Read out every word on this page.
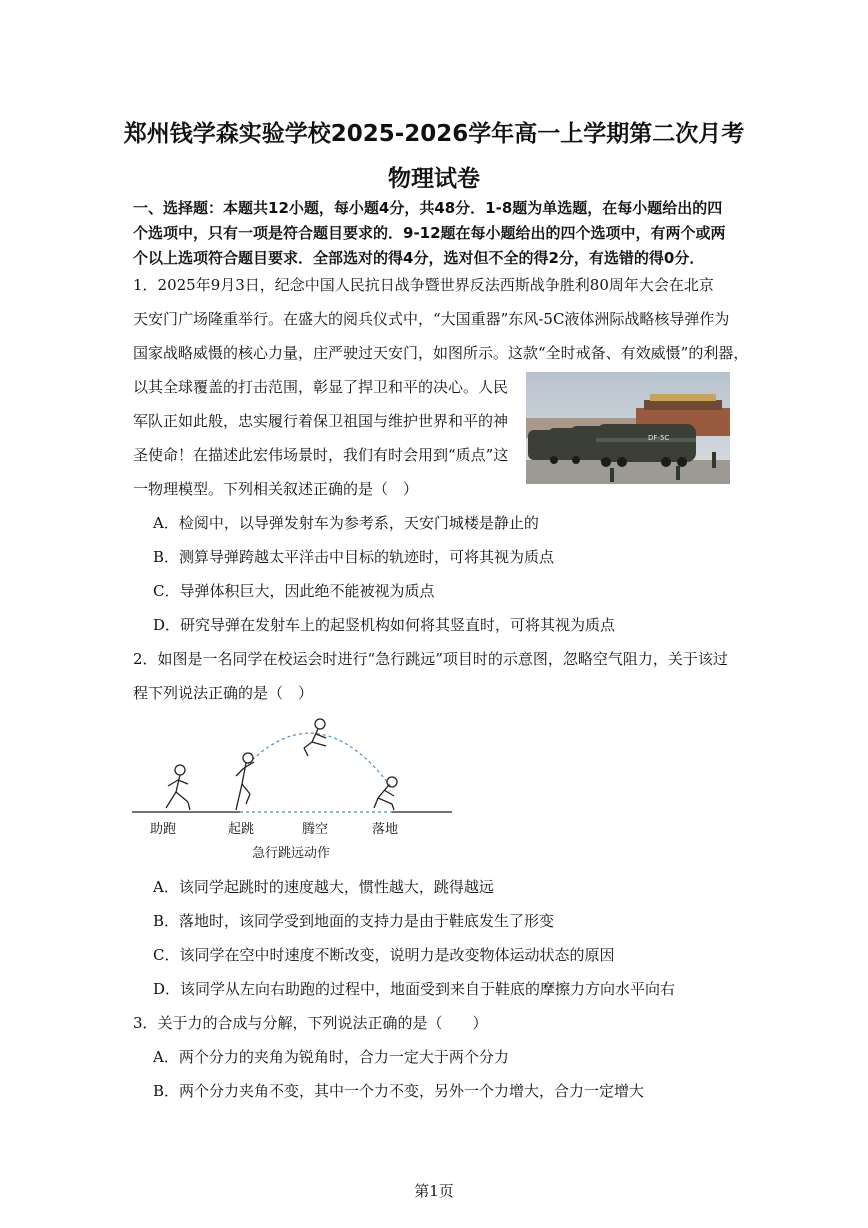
郑州钱学森实验学校2025-2026学年高一上学期第二次月考
物理试卷
一、选择题：本题共12小题，每小题4分，共48分．1-8题为单选题，在每小题给出的四
个选项中，只有一项是符合题目要求的．9-12题在每小题给出的四个选项中，有两个或两
个以上选项符合题目要求．全部选对的得4分，选对但不全的得2分，有选错的得0分．
1．2025年9月3日，纪念中国人民抗日战争暨世界反法西斯战争胜利80周年大会在北京
天安门广场隆重举行。在盛大的阅兵仪式中，“大国重器”东风-5C液体洲际战略核导弹作为
国家战略威慑的核心力量，庄严驶过天安门，如图所示。这款“全时戒备、有效威慑”的利器，
以其全球覆盖的打击范围，彰显了捍卫和平的决心。人民
军队正如此般，忠实履行着保卫祖国与维护世界和平的神
圣使命！在描述此宏伟场景时，我们有时会用到“质点”这
一物理模型。下列相关叙述正确的是（　）
DF-5C
A．检阅中，以导弹发射车为参考系，天安门城楼是静止的
B．测算导弹跨越太平洋击中目标的轨迹时，可将其视为质点
C．导弹体积巨大，因此绝不能被视为质点
D．研究导弹在发射车上的起竖机构如何将其竖直时，可将其视为质点
2．如图是一名同学在校运会时进行“急行跳远”项目时的示意图，忽略空气阻力，关于该过
程下列说法正确的是（　）
助跑	起跳	腾空	落地
急行跳远动作
A．该同学起跳时的速度越大，惯性越大，跳得越远
B．落地时，该同学受到地面的支持力是由于鞋底发生了形变
C．该同学在空中时速度不断改变，说明力是改变物体运动状态的原因
D．该同学从左向右助跑的过程中，地面受到来自于鞋底的摩擦力方向水平向右
3．关于力的合成与分解，下列说法正确的是（　　）
A．两个分力的夹角为锐角时，合力一定大于两个分力
B．两个分力夹角不变，其中一个力不变，另外一个力增大，合力一定增大
第1页
